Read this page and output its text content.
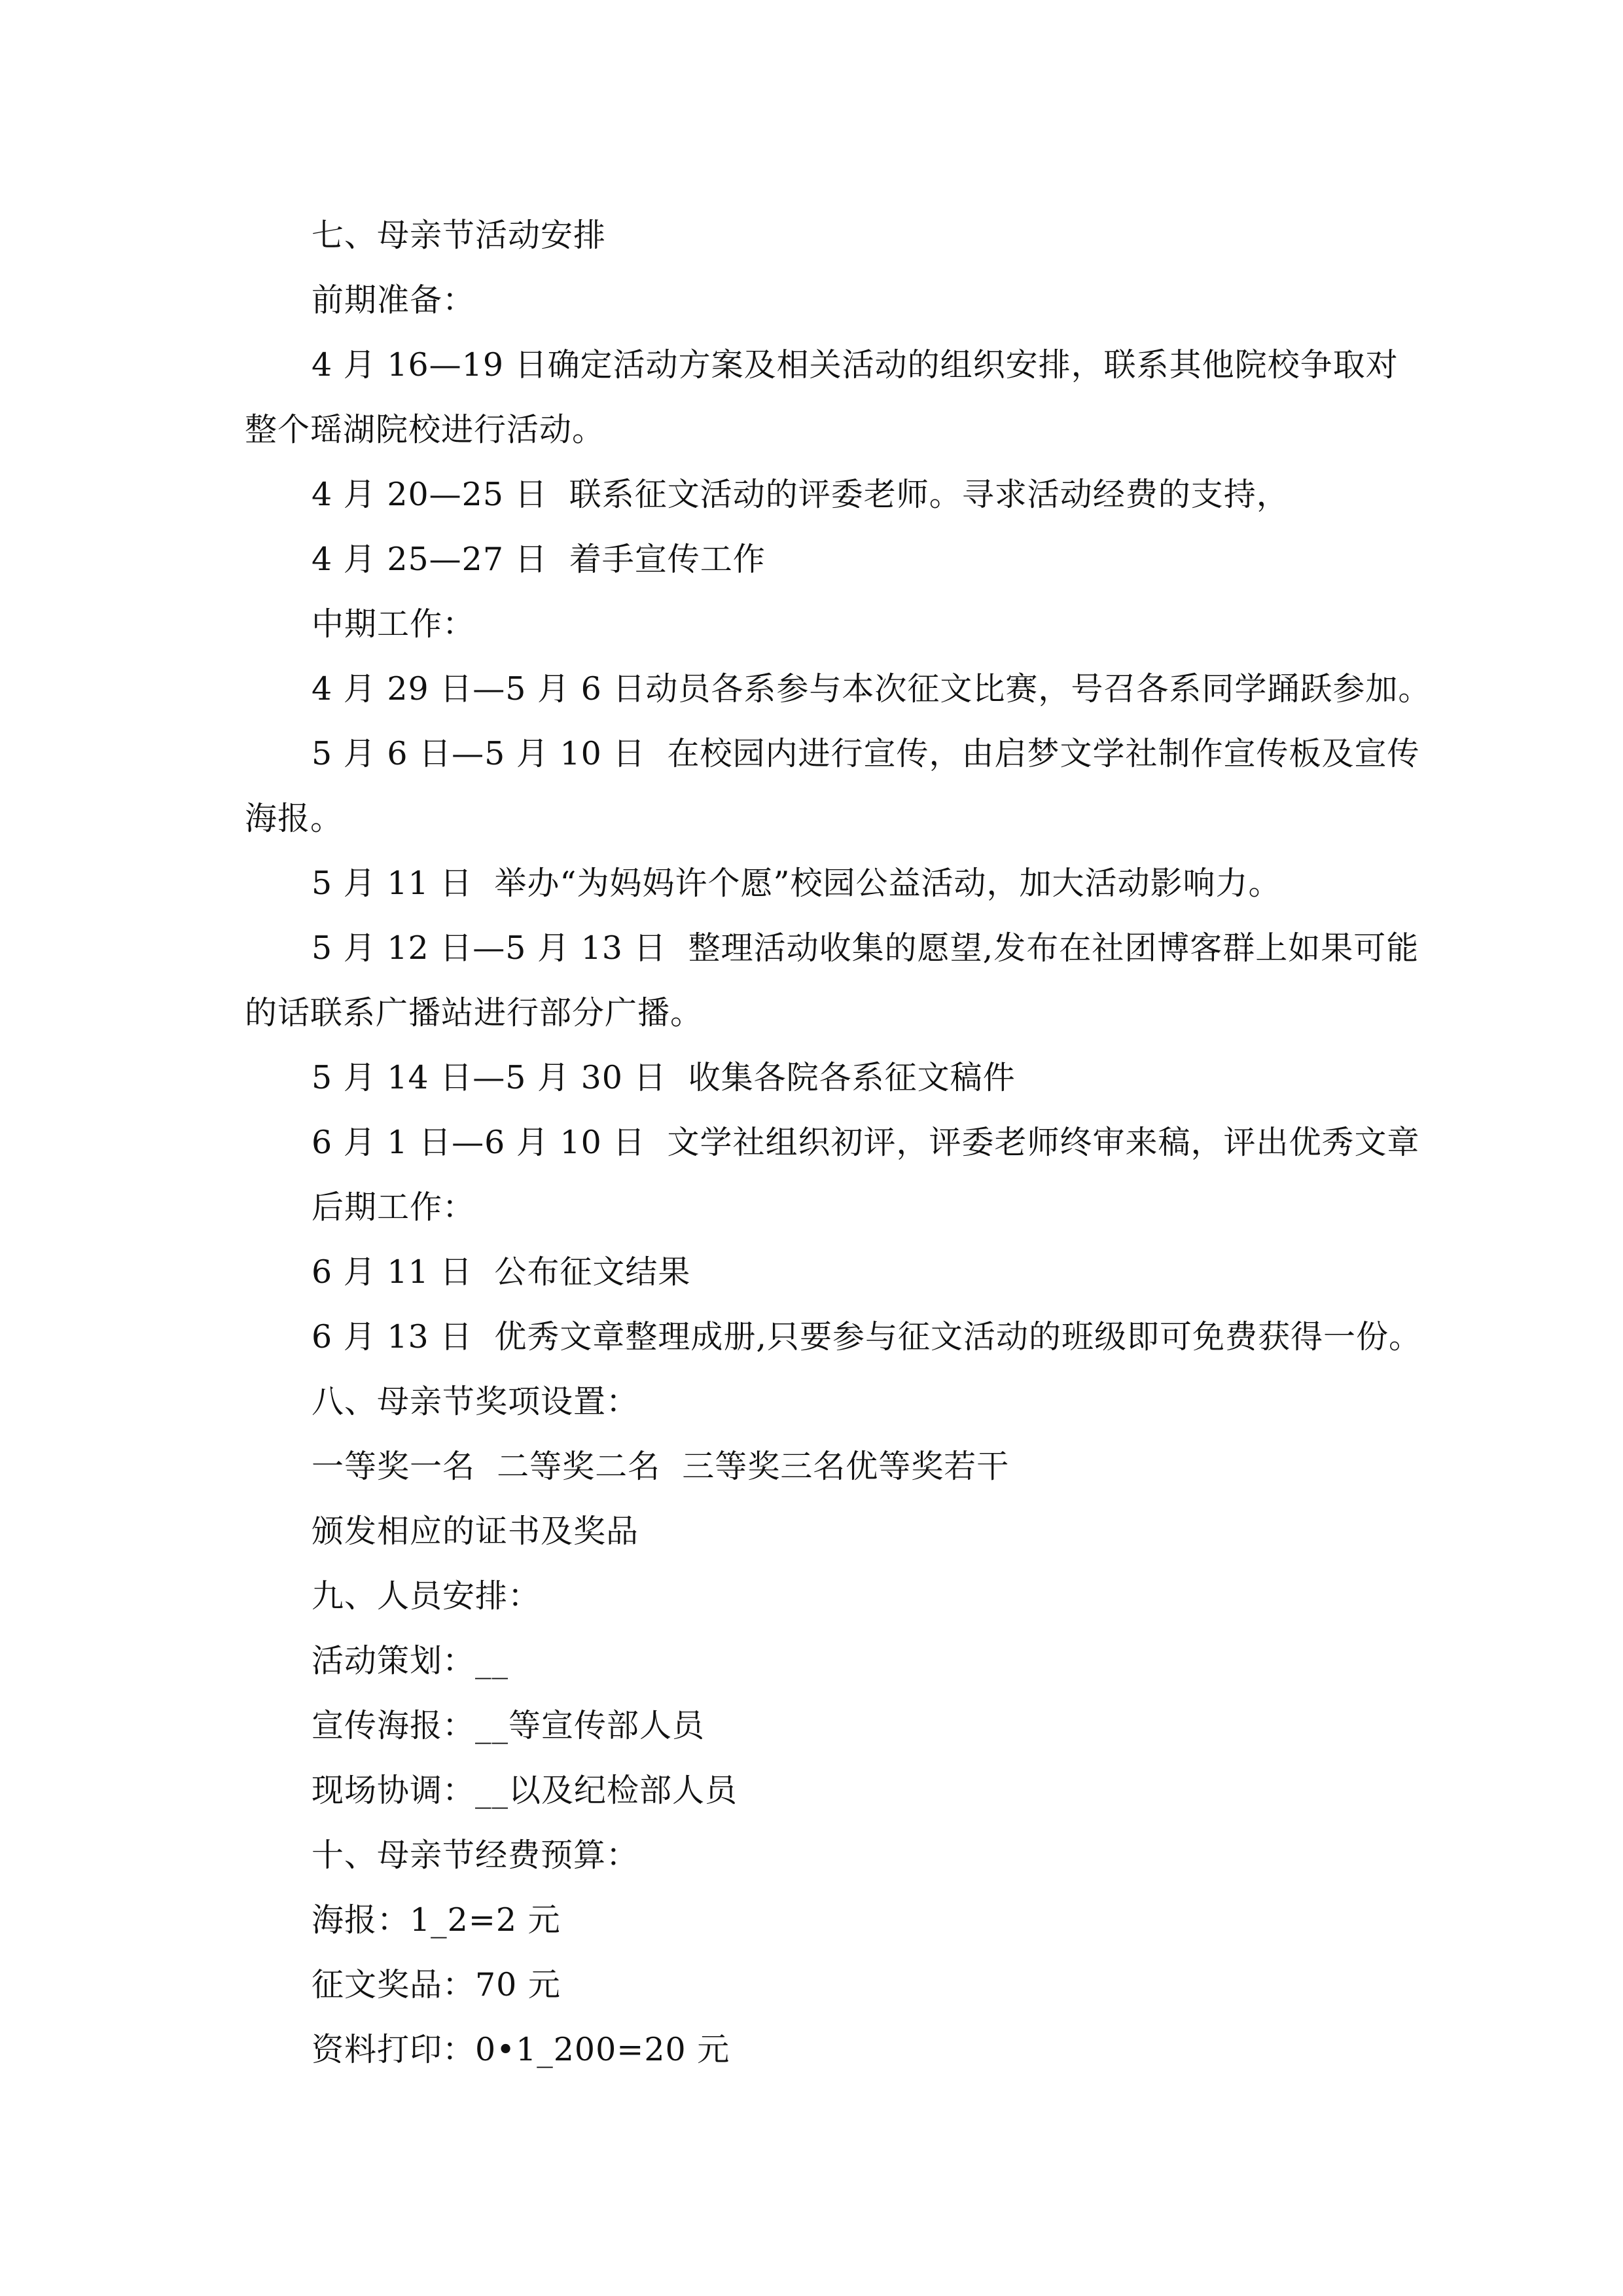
七、母亲节活动安排
前期准备：
4 月 16—19 日确定活动方案及相关活动的组织安排，联系其他院校争取对
整个瑶湖院校进行活动。
4 月 20—25 日  联系征文活动的评委老师。寻求活动经费的支持，
4 月 25—27 日  着手宣传工作
中期工作：
4 月 29 日—5 月 6 日动员各系参与本次征文比赛，号召各系同学踊跃参加。
5 月 6 日—5 月 10 日  在校园内进行宣传，由启梦文学社制作宣传板及宣传
海报。
5 月 11 日  举办“为妈妈许个愿”校园公益活动，加大活动影响力。
5 月 12 日—5 月 13 日  整理活动收集的愿望,发布在社团博客群上如果可能
的话联系广播站进行部分广播。
5 月 14 日—5 月 30 日  收集各院各系征文稿件
6 月 1 日—6 月 10 日  文学社组织初评，评委老师终审来稿，评出优秀文章
后期工作：
6 月 11 日  公布征文结果
6 月 13 日  优秀文章整理成册,只要参与征文活动的班级即可免费获得一份。
八、母亲节奖项设置：
一等奖一名  二等奖二名  三等奖三名优等奖若干
颁发相应的证书及奖品
九、人员安排：
活动策划：__
宣传海报：__等宣传部人员
现场协调：__以及纪检部人员
十、母亲节经费预算：
海报：1_2=2 元
征文奖品：70 元
资料打印：0•1_200=20 元
